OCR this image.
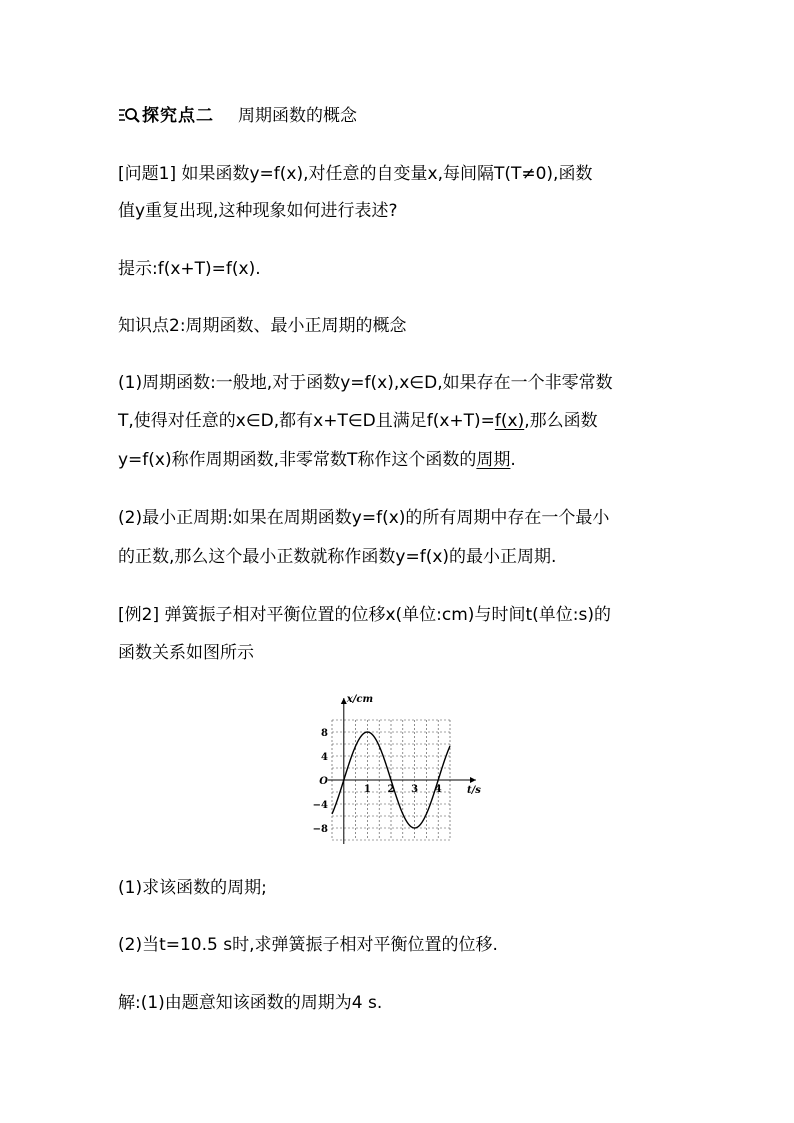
探究点二 周期函数的概念
[问题1] 如果函数y=f(x),对任意的自变量x,每间隔T(T≠0),函数
值y重复出现,这种现象如何进行表述?
提示:f(x+T)=f(x).
知识点2:周期函数、最小正周期的概念
(1)周期函数:一般地,对于函数y=f(x),x∈D,如果存在一个非零常数
T,使得对任意的x∈D,都有x+T∈D且满足f(x+T)=f(x),那么函数
y=f(x)称作周期函数,非零常数T称作这个函数的周期.
(2)最小正周期:如果在周期函数y=f(x)的所有周期中存在一个最小
的正数,那么这个最小正数就称作函数y=f(x)的最小正周期.
[例2] 弹簧振子相对平衡位置的位移x(单位:cm)与时间t(单位:s)的
函数关系如图所示
t/s
x/cm
8
4
O
−4
−8
1 2 3 4
(1)求该函数的周期;
(2)当t=10.5 s时,求弹簧振子相对平衡位置的位移.
解:(1)由题意知该函数的周期为4 s.
